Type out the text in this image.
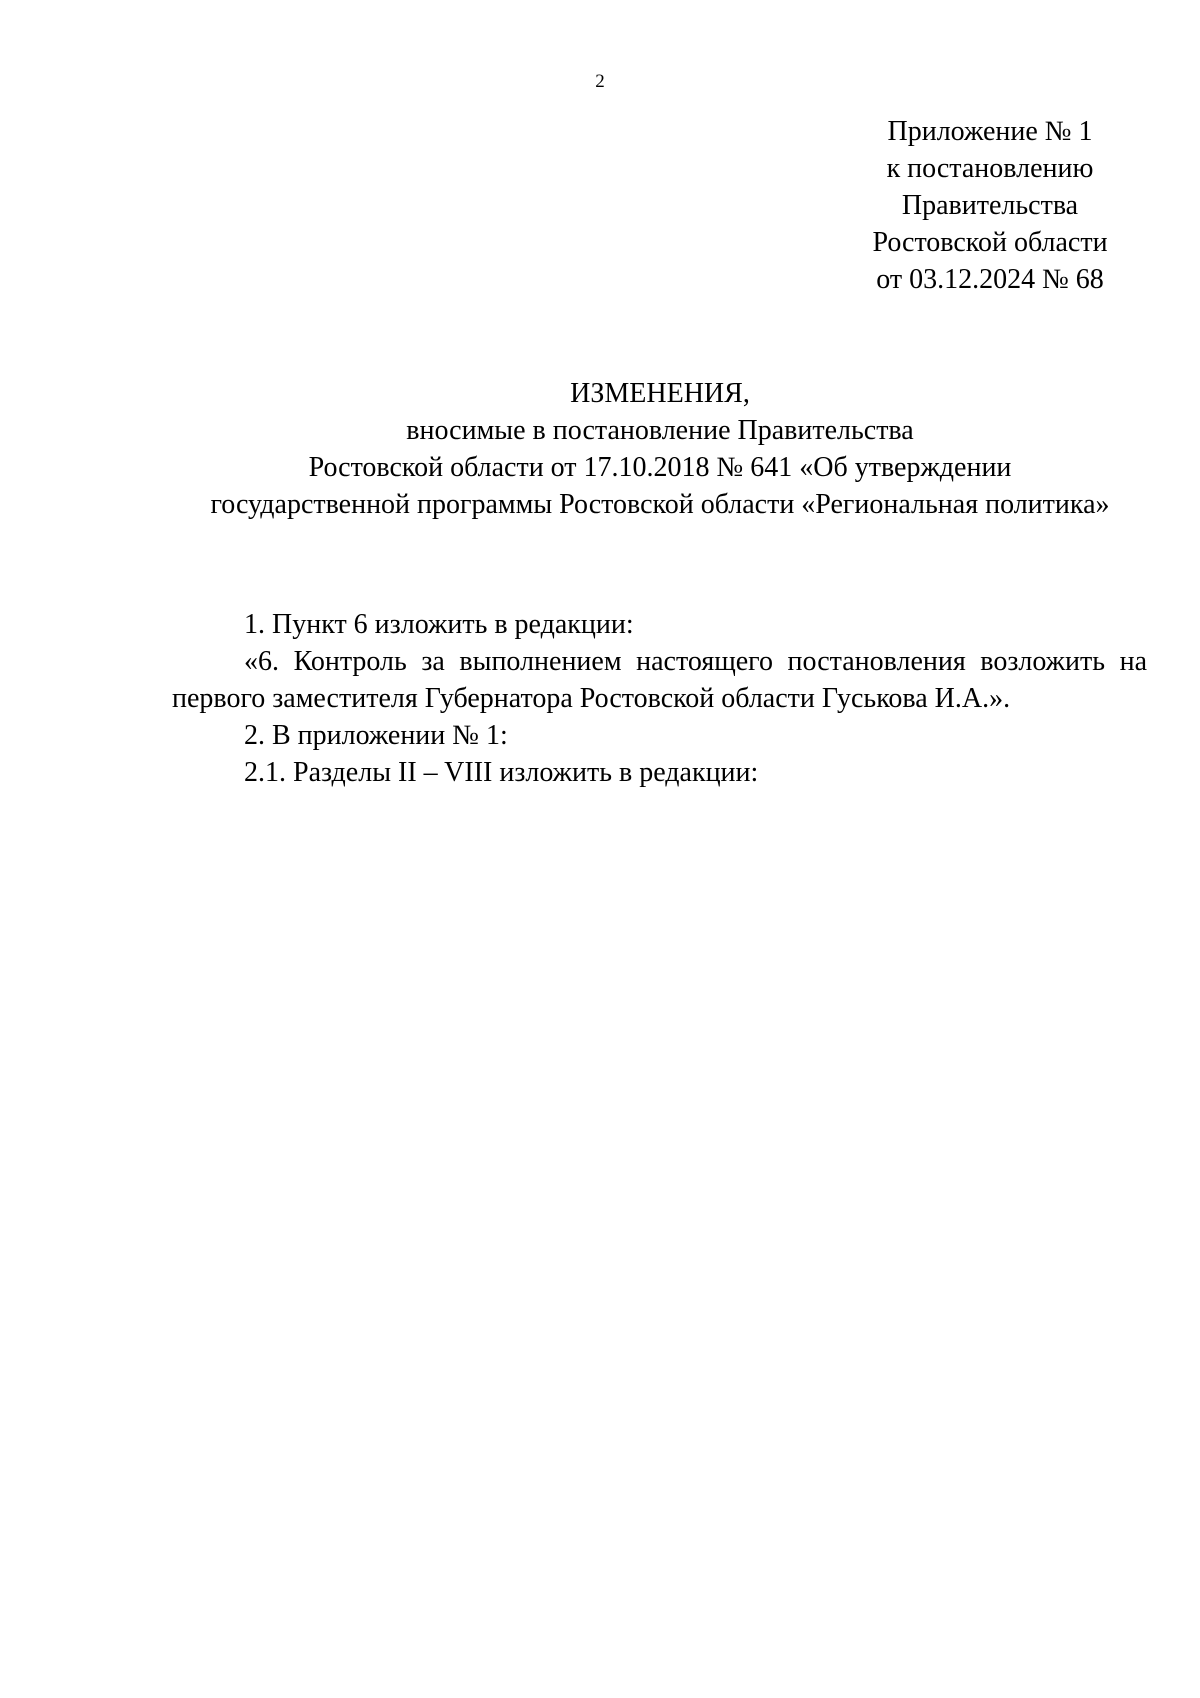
2
Приложение № 1
к постановлению
Правительства
Ростовской области
от 03.12.2024 № 68
ИЗМЕНЕНИЯ,
вносимые в постановление Правительства
Ростовской области от 17.10.2018 № 641 «Об утверждении
государственной программы Ростовской области «Региональная политика»

1. Пункт 6 изложить в редакции:

«6. Контроль за выполнением настоящего постановления возложить на первого заместителя Губернатора Ростовской области Гуськова И.А.».

2. В приложении № 1:

2.1. Разделы II – VIII изложить в редакции:
